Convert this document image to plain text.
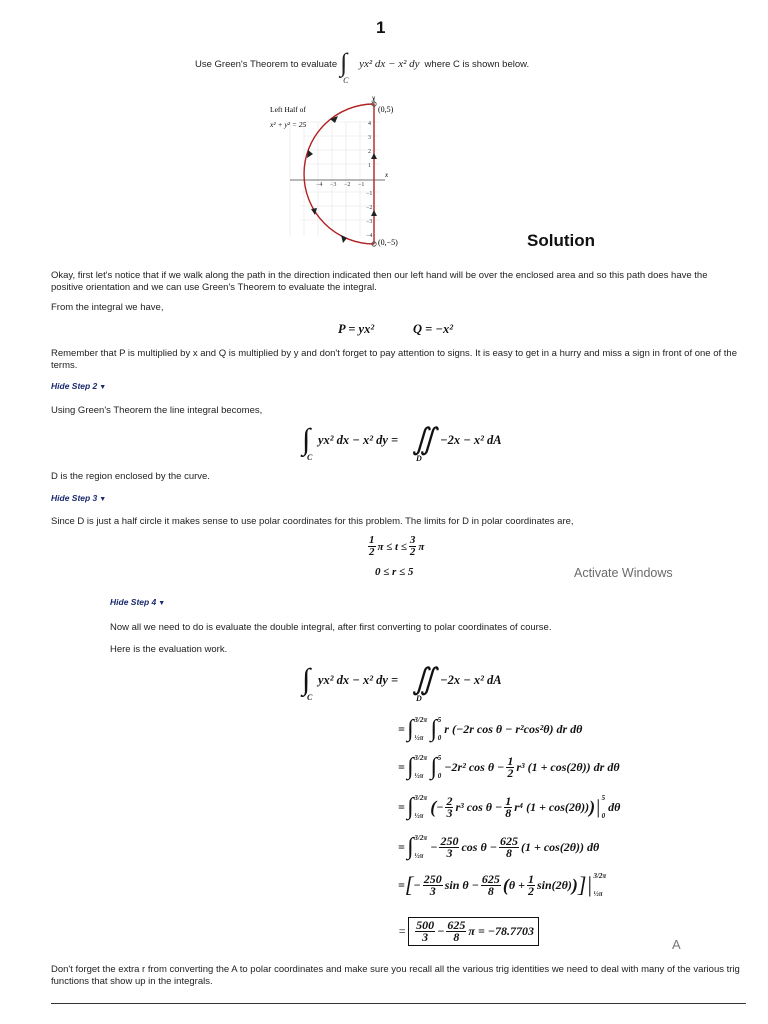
1
Use Green's Theorem to evaluate ∫
C
yx² dx − x² dy where C is shown below.
y
x
(0,5)
(0,−5)
Left Half of
x² + y² = 25
−4 −3 −2 −1
4
3
2
1
−1
−2
−3
−4	Solution
Okay, first let's notice that if we walk along the path in the direction indicated then our left hand will be over the enclosed area and so this path does have the positive orientation and we can use Green's Theorem to evaluate the integral.
From the integral we have,
P = yx²	Q = −x²
Remember that P is multiplied by x and Q is multiplied by y and don't forget to pay attention to signs. It is easy to get in a hurry and miss a sign in front of one of the terms.
Hide Step 2 ▼
Using Green's Theorem the line integral becomes,
∫
C
yx² dx − x² dy = ∬
D
−2x − x² dA
D is the region enclosed by the curve.
Hide Step 3 ▼
Since D is just a half circle it makes sense to use polar coordinates for this problem. The limits for D in polar coordinates are,
$\frac{1}{2}$ $\pi \le t \le \frac{3}{2}$ π
0 ≤ r ≤ 5	Activate Windows
Hide Step 4 ▼
Now all we need to do is evaluate the double integral, after first converting to polar coordinates of course.
Here is the evaluation work.
∫
C
yx² dx − x² dy = ∬
D
−2x − x² dA
= ∫ 3/2π
½π ∫ 5
0
r (−2r cos θ − r²cos²θ) dr dθ
= ∫ 3/2π
½π ∫ 5
0
−2r² $\cos \theta - \frac{1}{2} r^3$ (1 + cos(2θ)) dr dθ
= ∫ 3/2π
½π ( − $\frac{2}{3} r^3$ $\cos \theta - \frac{1}{8} r^4$ (1 + cos(2θ)) ) | 5
0
dθ
= ∫ 3/2π
½π
− $\frac{250}{3}$ $\cos \theta - \frac{625}{8} (1 + \cos(2\theta))$ dθ
= [ − $\frac{250}{3}$ $\sin \theta - \frac{625}{8}$ ( $\theta + \frac{1}{2} \sin(2\theta)$ ) ]| 3/2π
½π
= $\frac{500}{3} - \frac{625}{8}$ π = −78.7703
A
Don't forget the extra r from converting the A to polar coordinates and make sure you recall all the various trig identities we need to deal with many of the various trig functions that show up in the integrals.
